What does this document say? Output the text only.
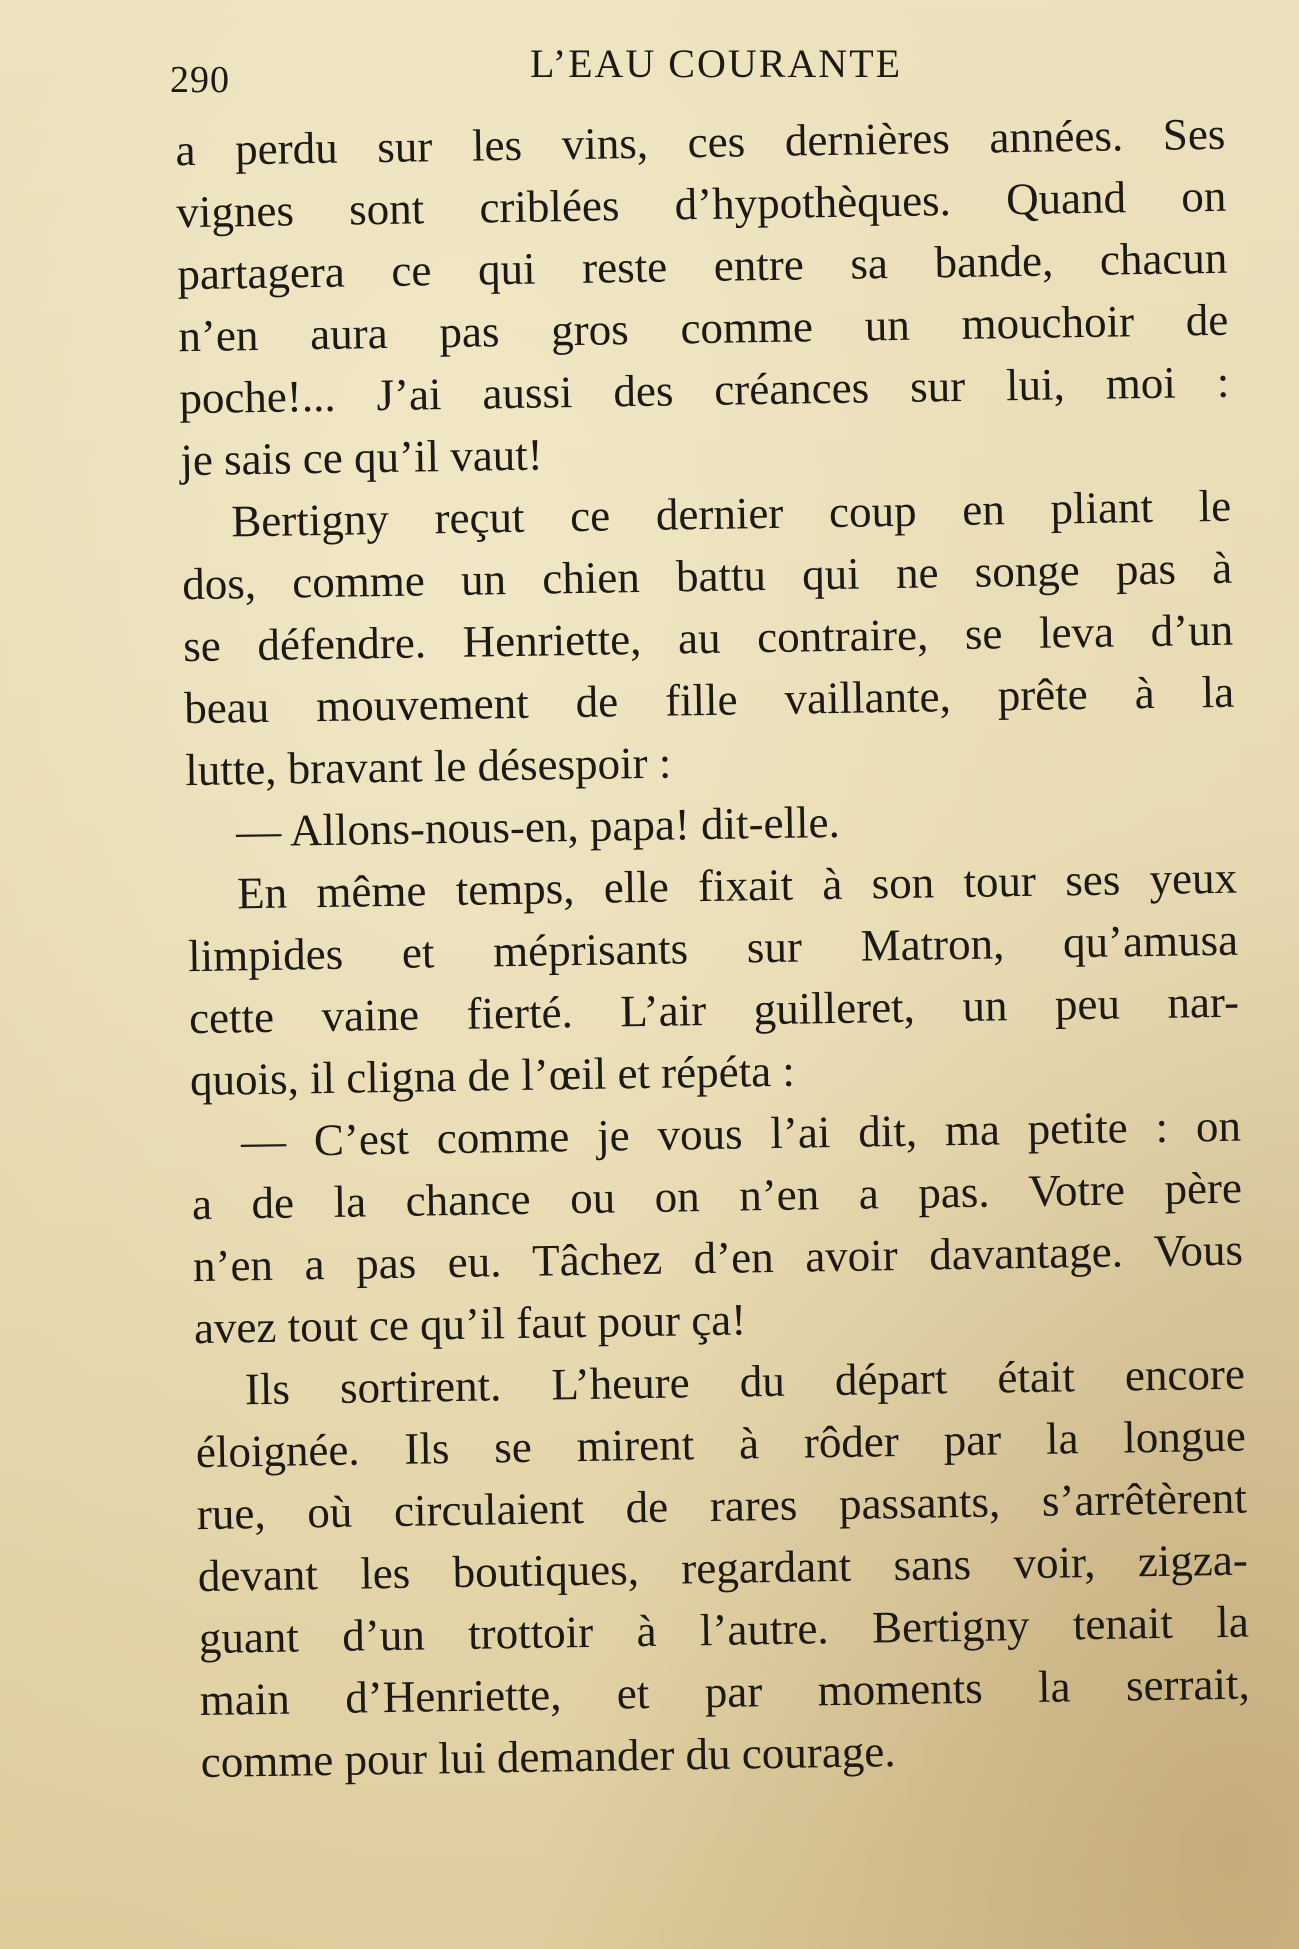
290	L’EAU COURANTE
a perdu sur les vins, ces dernières années. Ses
vignes sont criblées d’hypothèques. Quand on
partagera ce qui reste entre sa bande, chacun
n’en aura pas gros comme un mouchoir de
poche!... J’ai aussi des créances sur lui, moi :
je sais ce qu’il vaut!
Bertigny reçut ce dernier coup en pliant le
dos, comme un chien battu qui ne songe pas à
se défendre. Henriette, au contraire, se leva d’un
beau mouvement de fille vaillante, prête à la
lutte, bravant le désespoir :
— Allons-nous-en, papa! dit-elle.
En même temps, elle fixait à son tour ses yeux
limpides et méprisants sur Matron, qu’amusa
cette vaine fierté. L’air guilleret, un peu nar-
quois, il cligna de l’œil et répéta :
— C’est comme je vous l’ai dit, ma petite : on
a de la chance ou on n’en a pas. Votre père
n’en a pas eu. Tâchez d’en avoir davantage. Vous
avez tout ce qu’il faut pour ça!
Ils sortirent. L’heure du départ était encore
éloignée. Ils se mirent à rôder par la longue
rue, où circulaient de rares passants, s’arrêtèrent
devant les boutiques, regardant sans voir, zigza-
guant d’un trottoir à l’autre. Bertigny tenait la
main d’Henriette, et par moments la serrait,
comme pour lui demander du courage.
